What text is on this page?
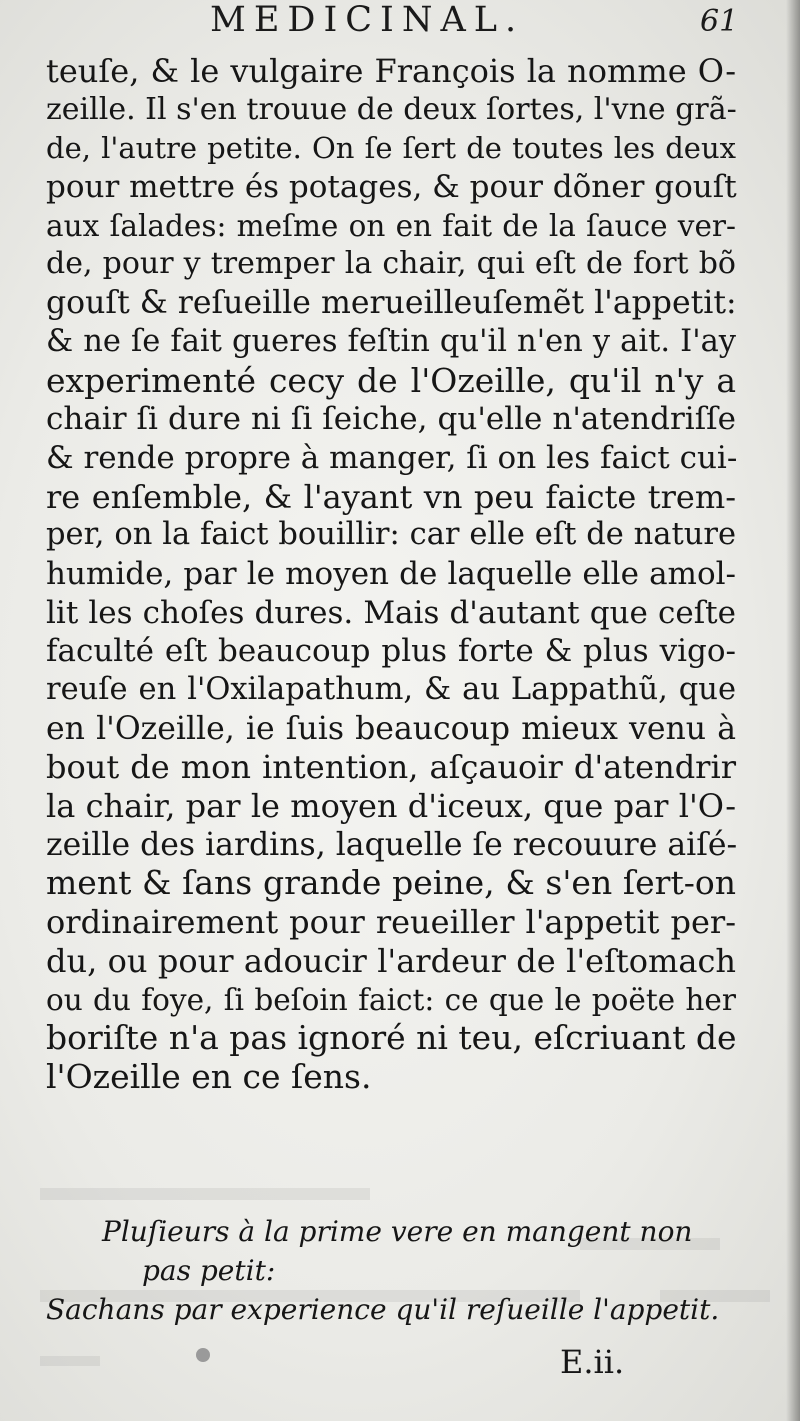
MEDICINAL.	61
teuſe, & le vulgaire François la nomme O-
zeille. Il s'en trouue de deux ſortes, l'vne grã-
de, l'autre petite. On ſe ſert de toutes les deux
pour mettre és potages, & pour dõner gouſt
aux ſalades: meſme on en fait de la ſauce ver-
de, pour y tremper la chair, qui eſt de fort bõ
gouſt & reſueille merueilleuſemẽt l'appetit:
& ne ſe fait gueres feſtin qu'il n'en y ait. I'ay
experimenté cecy de l'Ozeille, qu'il n'y a
chair ſi dure ni ſi ſeiche, qu'elle n'atendriſſe
& rende propre à manger, ſi on les faict cui-
re enſemble, & l'ayant vn peu faicte trem-
per, on la faict bouillir: car elle eſt de nature
humide, par le moyen de laquelle elle amol-
lit les choſes dures. Mais d'autant que ceſte
faculté eſt beaucoup plus forte & plus vigo-
reuſe en l'Oxilapathum, & au Lappathũ, que
en l'Ozeille, ie ſuis beaucoup mieux venu à
bout de mon intention, aſçauoir d'atendrir
la chair, par le moyen d'iceux, que par l'O-
zeille des iardins, laquelle ſe recouure aiſé-
ment & ſans grande peine, & s'en ſert-on
ordinairement pour reueiller l'appetit per-
du, ou pour adoucir l'ardeur de l'eſtomach
ou du foye, ſi beſoin faict: ce que le poëte her
boriſte n'a pas ignoré ni teu, eſcriuant de
l'Ozeille en ce ſens.
Pluſieurs à la prime vere en mangent non
pas petit:
Sachans par experience qu'il reſueille l'appetit.
E.ii.
